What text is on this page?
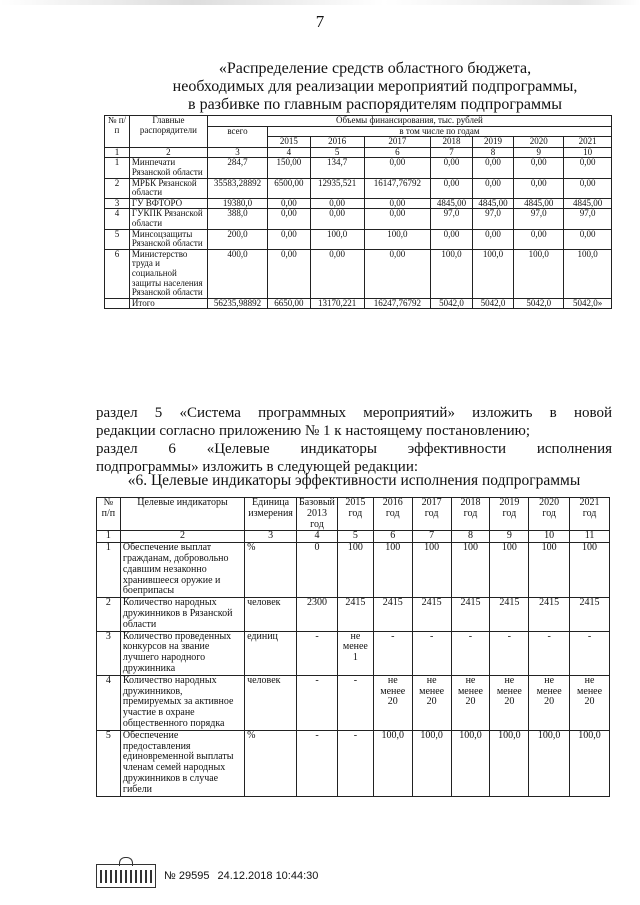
7
«Распределение средств областного бюджета,
необходимых для реализации мероприятий подпрограммы,
в разбивке по главным распорядителям подпрограммы
№ п/п	Главные распорядители	Объемы финансирования, тыс. рублей							
		всего	в том числе по годам						
			2015	2016	2017	2018	2019	2020	2021
1	2	3	4	5	6	7	8	9	10
1	Минпечати Рязанской области	284,7	150,00	134,7	0,00	0,00	0,00	0,00	0,00
2	МРБК Рязанской области	35583,28892	6500,00	12935,521	16147,76792	0,00	0,00	0,00	0,00
3	ГУ ВФТОРО	19380,0	0,00	0,00	0,00	4845,00	4845,00	4845,00	4845,00
4	ГУКПК Рязанской области	388,0	0,00	0,00	0,00	97,0	97,0	97,0	97,0
5	Минсоцзащиты Рязанской области	200,0	0,00	100,0	100,0	0,00	0,00	0,00	0,00
6	Министерство труда и социальной защиты населения Рязанской области	400,0	0,00	0,00	0,00	100,0	100,0	100,0	100,0
	Итого	56235,98892	6650,00	13170,221	16247,76792	5042,0	5042,0	5042,0	5042,0»
раздел 5 «Система программных мероприятий» изложить в новой
редакции согласно приложению № 1 к настоящему постановлению;
раздел 6 «Целевые индикаторы эффективности исполнения
подпрограммы» изложить в следующей редакции:
«6. Целевые индикаторы эффективности исполнения подпрограммы
№ п/п	Целевые индикаторы	Единица измерения	Базовый 2013 год	2015 год	2016 год	2017 год	2018 год	2019 год	2020 год	2021 год
1	2	3	4	5	6	7	8	9	10	11
1	Обеспечение выплат гражданам, добровольно сдавшим незаконно хранившееся оружие и боеприпасы	%	0	100	100	100	100	100	100	100
2	Количество народных дружинников в Рязанской области	человек	2300	2415	2415	2415	2415	2415	2415	2415
3	Количество проведенных конкурсов на звание лучшего народного дружинника	единиц	-	не менее 1	-	-	-	-	-	-
4	Количество народных дружинников, премируемых за активное участие в охране общественного порядка	человек	-	-	не менее 20	не менее 20	не менее 20	не менее 20	не менее 20	не менее 20
5	Обеспечение предоставления единовременной выплаты членам семей народных дружинников в случае гибели	%	-	-	100,0	100,0	100,0	100,0	100,0	100,0
№ 29595 24.12.2018 10:44:30
